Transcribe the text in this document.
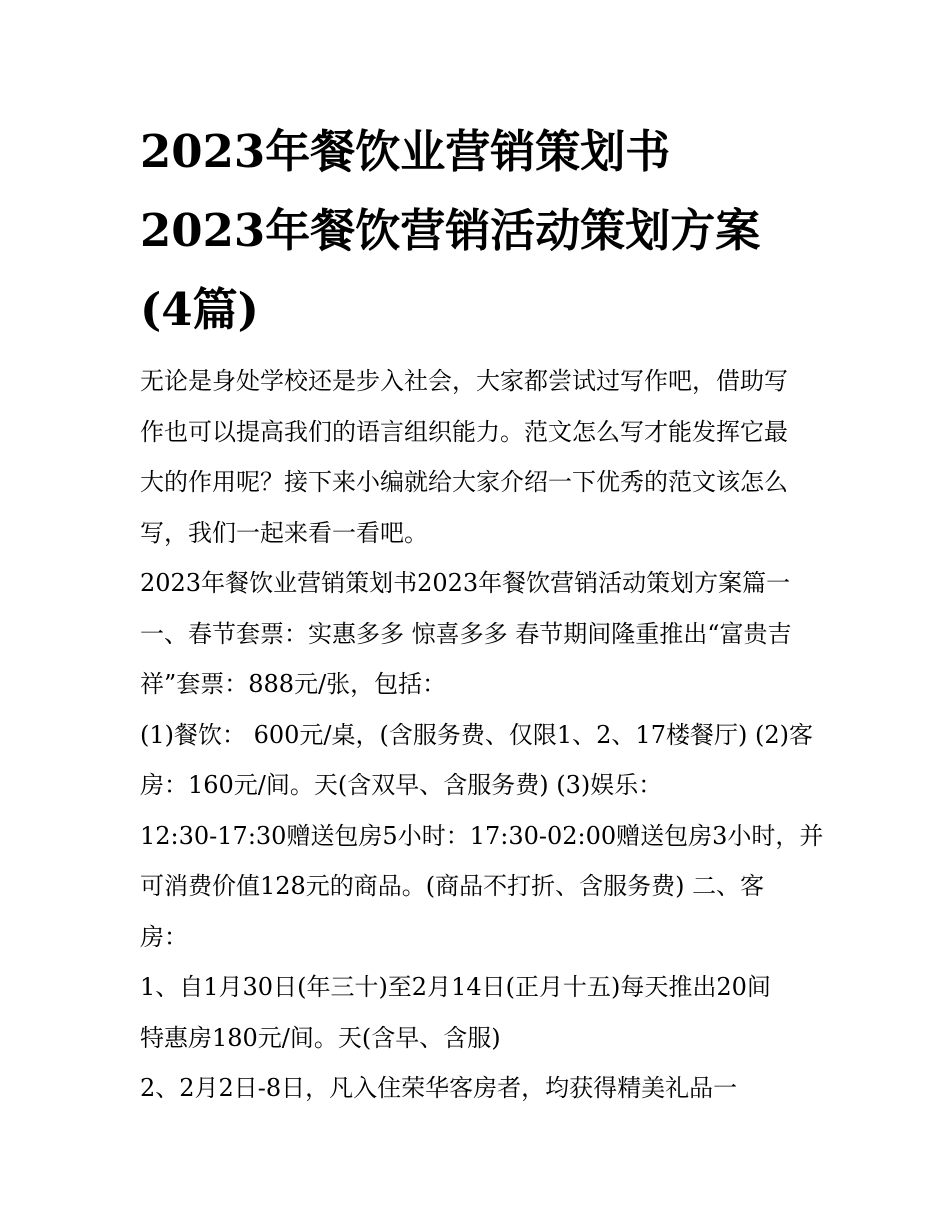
2023年餐饮业营销策划书
2023年餐饮营销活动策划方案
(4篇)
无论是身处学校还是步入社会，大家都尝试过写作吧，借助写
作也可以提高我们的语言组织能力。范文怎么写才能发挥它最
大的作用呢？接下来小编就给大家介绍一下优秀的范文该怎么
写，我们一起来看一看吧。
2023年餐饮业营销策划书2023年餐饮营销活动策划方案篇一
一、春节套票：实惠多多 惊喜多多 春节期间隆重推出“富贵吉
祥”套票：888元/张，包括：
(1)餐饮： 600元/桌，(含服务费、仅限1、2、17楼餐厅) (2)客
房：160元/间。天(含双早、含服务费) (3)娱乐：
12:30-17:30赠送包房5小时：17:30-02:00赠送包房3小时，并
可消费价值128元的商品。(商品不打折、含服务费) 二、客
房：
1、自1月30日(年三十)至2月14日(正月十五)每天推出20间
特惠房180元/间。天(含早、含服)
2、2月2日-8日，凡入住荣华客房者，均获得精美礼品一
